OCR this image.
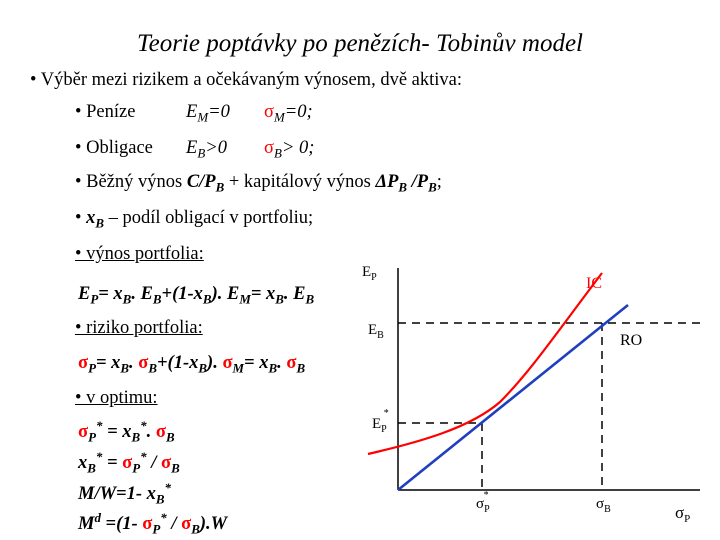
Teorie poptávky po penězích- Tobinův model
• Výběr mezi rizikem a očekávaným výnosem, dvě aktiva:
• Peníze	$E_M=0$ $\sigma_M=0$;
• Obligace $E_B>0$ $\sigma_B> 0$;
• Běžný výnos $C/P_B$ + kapitálový výnos $\Delta P_B$ $/P_B$;
• $x_B$ – podíl obligací v portfoliu;
• výnos portfolia:
$E_P= x_B$. $E_B+(1-x_B)$. $E_M= x_B$. $E_B$
• riziko portfolia:
$\sigma_P= x_B$. $\sigma_B+(1-x_B)$. $\sigma_M= x_B$. $\sigma_B$
• v optimu:
$\sigma_P^* = x_B^*$. $\sigma_B$
$x_B^* = \sigma_P^* / \sigma_B$
M/W=1- $x_B^*$
$M^d =(1-$ $\sigma_P^* / \sigma_B).W$
$E_P$
$E_B$
$E_P*$
IC
RO
$\sigma_P$
$\sigma_P*$
$\sigma_B$
